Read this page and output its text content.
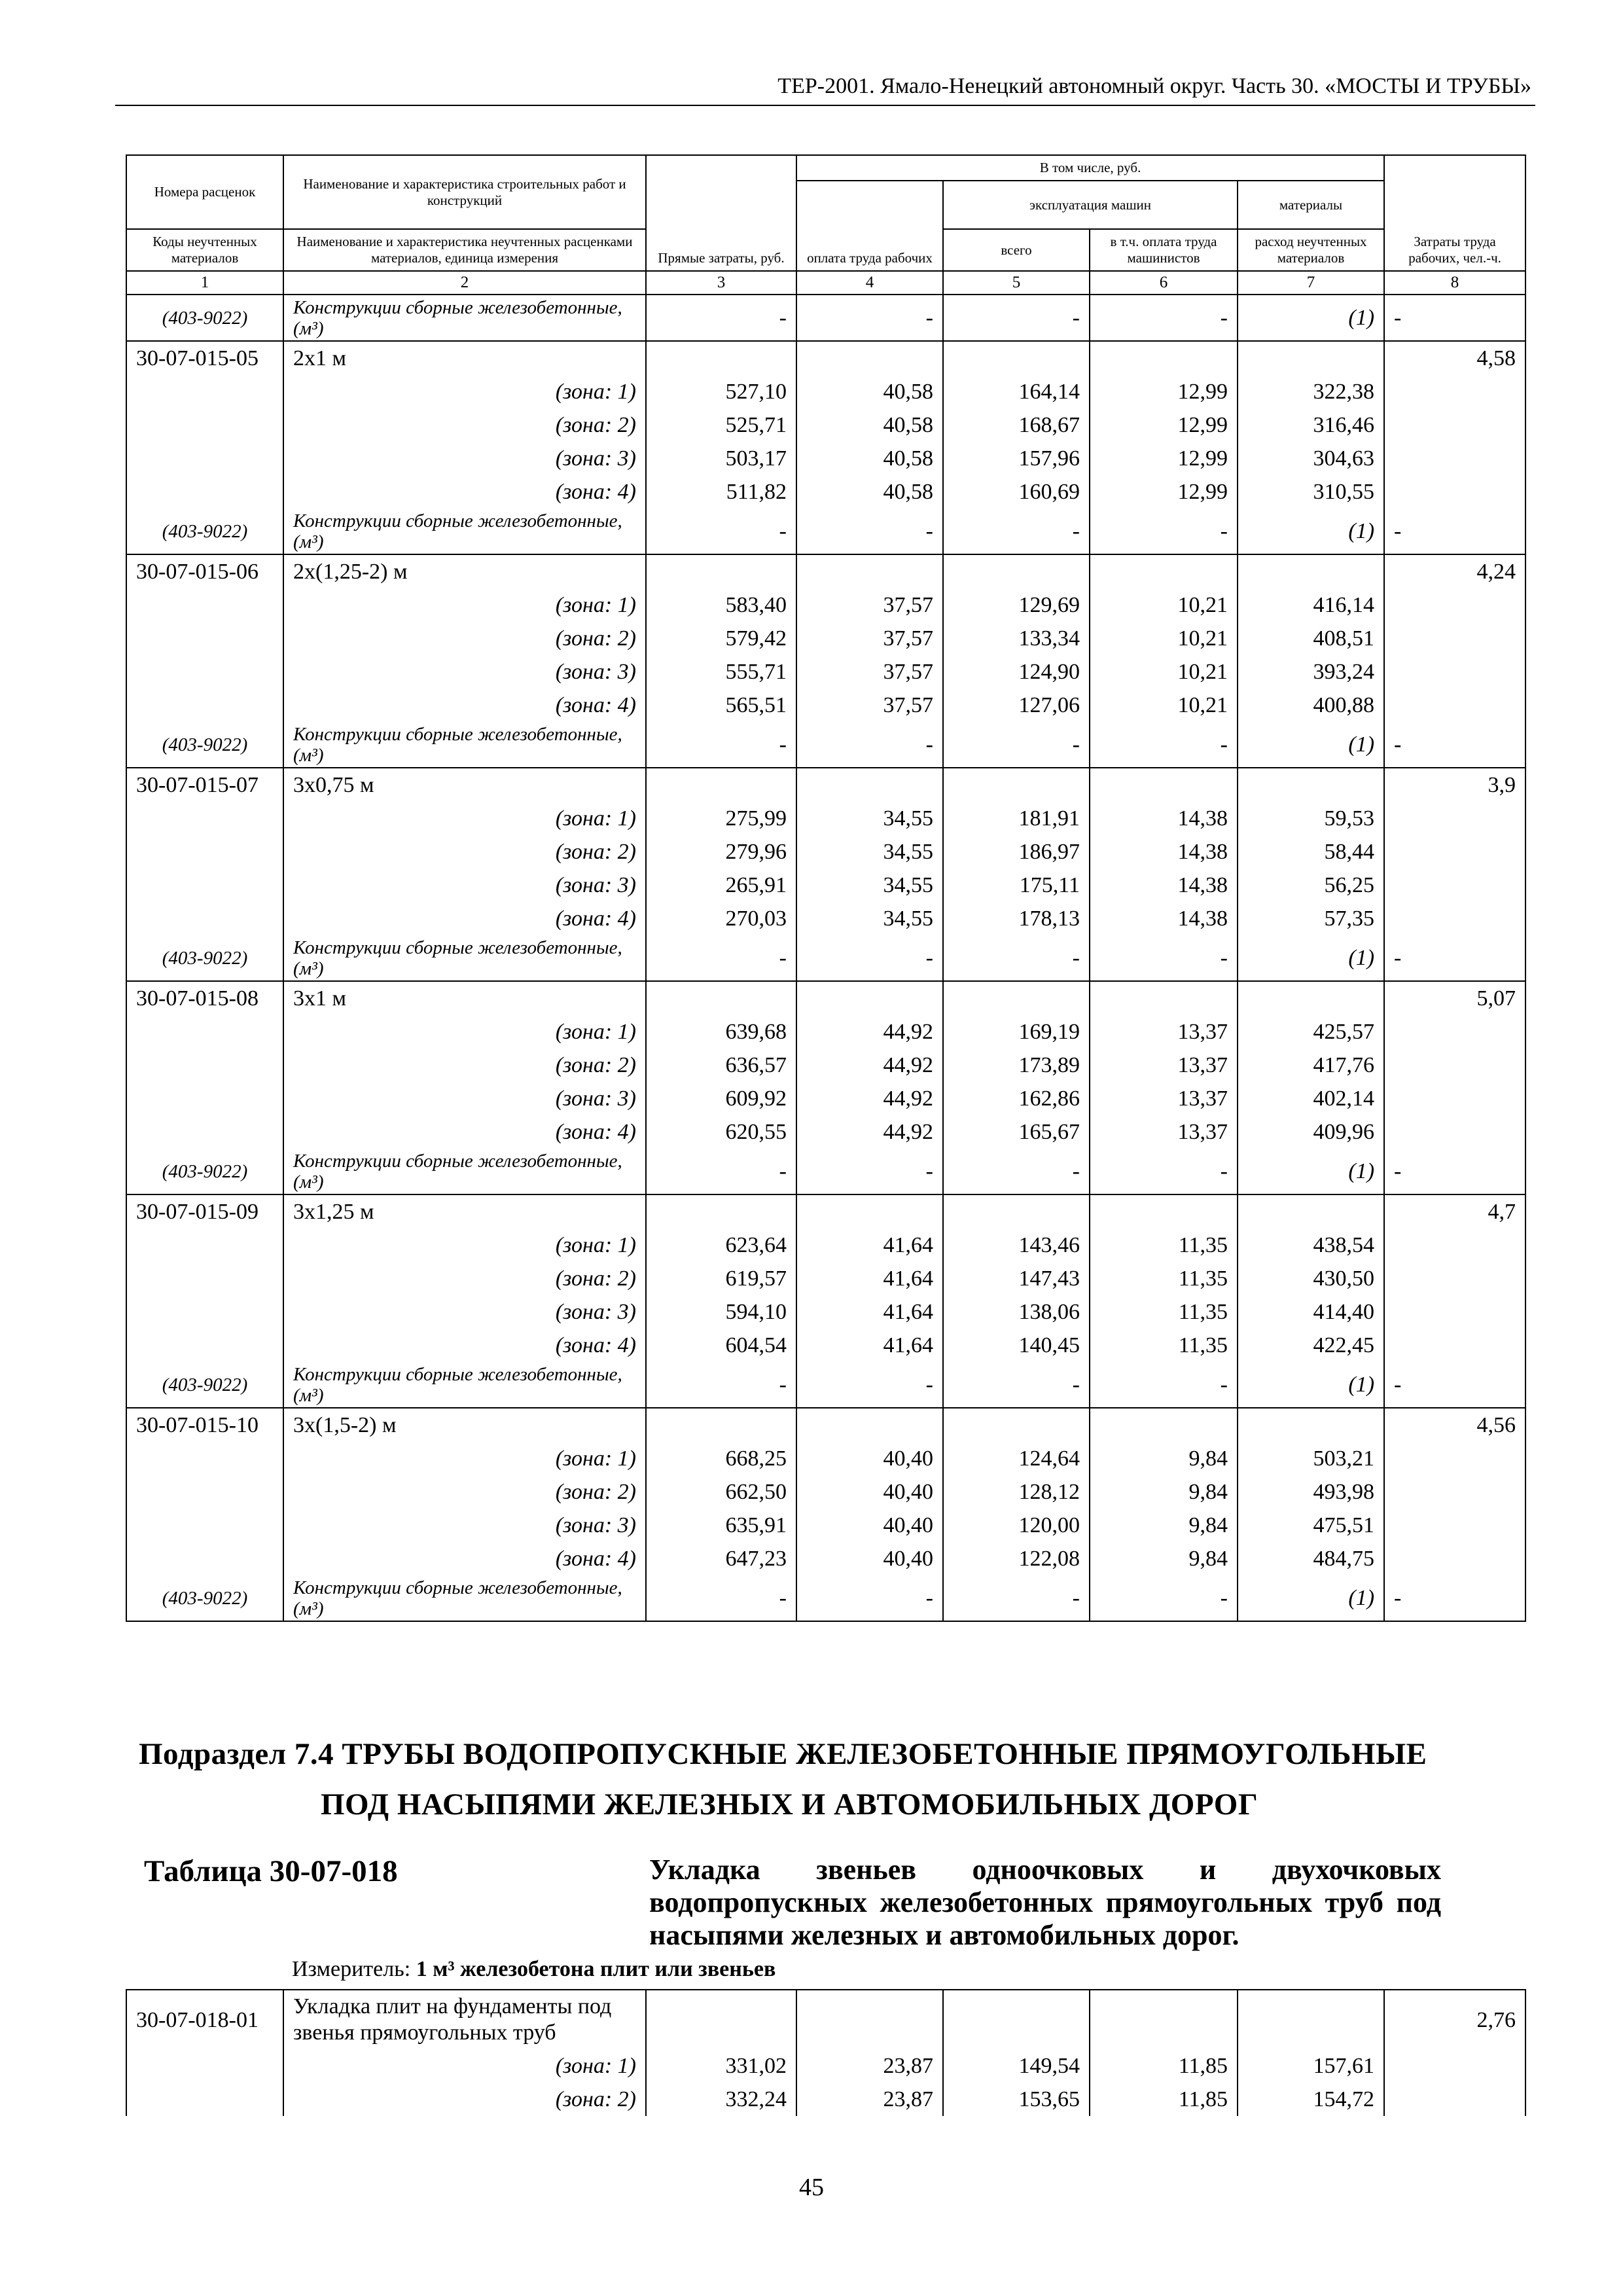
ТЕР-2001. Ямало-Ненецкий автономный округ. Часть 30. «МОСТЫ И ТРУБЫ»
Номера расценок	Наименование и характеристика строительных работ и конструкций	Прямые затраты, руб.	В том числе, руб.				Затраты труда рабочих, чел.-ч.
			оплата труда рабочих	эксплуатация машин		материалы	
Коды неучтенных материалов	Наименование и характеристика неучтенных расценками материалов, единица измерения			всего	в т.ч. оплата труда машинистов	расход неучтенных материалов	

1	2	3	4	5	6	7	8
(403-9022)	Конструкции сборные железобетонные, (м³)	-	-	-	-	(1)	-
30-07-015-05	2х1 м						4,58
	(зона: 1)	527,10	40,58	164,14	12,99	322,38	
	(зона: 2)	525,71	40,58	168,67	12,99	316,46	
	(зона: 3)	503,17	40,58	157,96	12,99	304,63	
	(зона: 4)	511,82	40,58	160,69	12,99	310,55	
(403-9022)	Конструкции сборные железобетонные, (м³)	-	-	-	-	(1)	-
30-07-015-06	2х(1,25-2) м						4,24
	(зона: 1)	583,40	37,57	129,69	10,21	416,14	
	(зона: 2)	579,42	37,57	133,34	10,21	408,51	
	(зона: 3)	555,71	37,57	124,90	10,21	393,24	
	(зона: 4)	565,51	37,57	127,06	10,21	400,88	
(403-9022)	Конструкции сборные железобетонные, (м³)	-	-	-	-	(1)	-
30-07-015-07	3х0,75 м						3,9
	(зона: 1)	275,99	34,55	181,91	14,38	59,53	
	(зона: 2)	279,96	34,55	186,97	14,38	58,44	
	(зона: 3)	265,91	34,55	175,11	14,38	56,25	
	(зона: 4)	270,03	34,55	178,13	14,38	57,35	
(403-9022)	Конструкции сборные железобетонные, (м³)	-	-	-	-	(1)	-
30-07-015-08	3х1 м						5,07
	(зона: 1)	639,68	44,92	169,19	13,37	425,57	
	(зона: 2)	636,57	44,92	173,89	13,37	417,76	
	(зона: 3)	609,92	44,92	162,86	13,37	402,14	
	(зона: 4)	620,55	44,92	165,67	13,37	409,96	
(403-9022)	Конструкции сборные железобетонные, (м³)	-	-	-	-	(1)	-
30-07-015-09	3х1,25 м						4,7
	(зона: 1)	623,64	41,64	143,46	11,35	438,54	
	(зона: 2)	619,57	41,64	147,43	11,35	430,50	
	(зона: 3)	594,10	41,64	138,06	11,35	414,40	
	(зона: 4)	604,54	41,64	140,45	11,35	422,45	
(403-9022)	Конструкции сборные железобетонные, (м³)	-	-	-	-	(1)	-
30-07-015-10	3х(1,5-2) м						4,56
	(зона: 1)	668,25	40,40	124,64	9,84	503,21	
	(зона: 2)	662,50	40,40	128,12	9,84	493,98	
	(зона: 3)	635,91	40,40	120,00	9,84	475,51	
	(зона: 4)	647,23	40,40	122,08	9,84	484,75	
(403-9022)	Конструкции сборные железобетонные, (м³)	-	-	-	-	(1)	-

Подраздел 7.4 ТРУБЫ ВОДОПРОПУСКНЫЕ ЖЕЛЕЗОБЕТОННЫЕ ПРЯМОУГОЛЬНЫЕ
ПОД НАСЫПЯМИ ЖЕЛЕЗНЫХ И АВТОМОБИЛЬНЫХ ДОРОГ
Таблица 30-07-018	Укладка звеньев одноочковых и двухочковых водопропускных железобетонных прямоугольных труб под насыпями железных и автомобильных дорог.
Измеритель: 1 м³ железобетона плит или звеньев
30-07-018-01	Укладка плит на фундаменты под звенья прямоугольных труб						2,76
	(зона: 1)	331,02	23,87	149,54	11,85	157,61	
	(зона: 2)	332,24	23,87	153,65	11,85	154,72	
45
